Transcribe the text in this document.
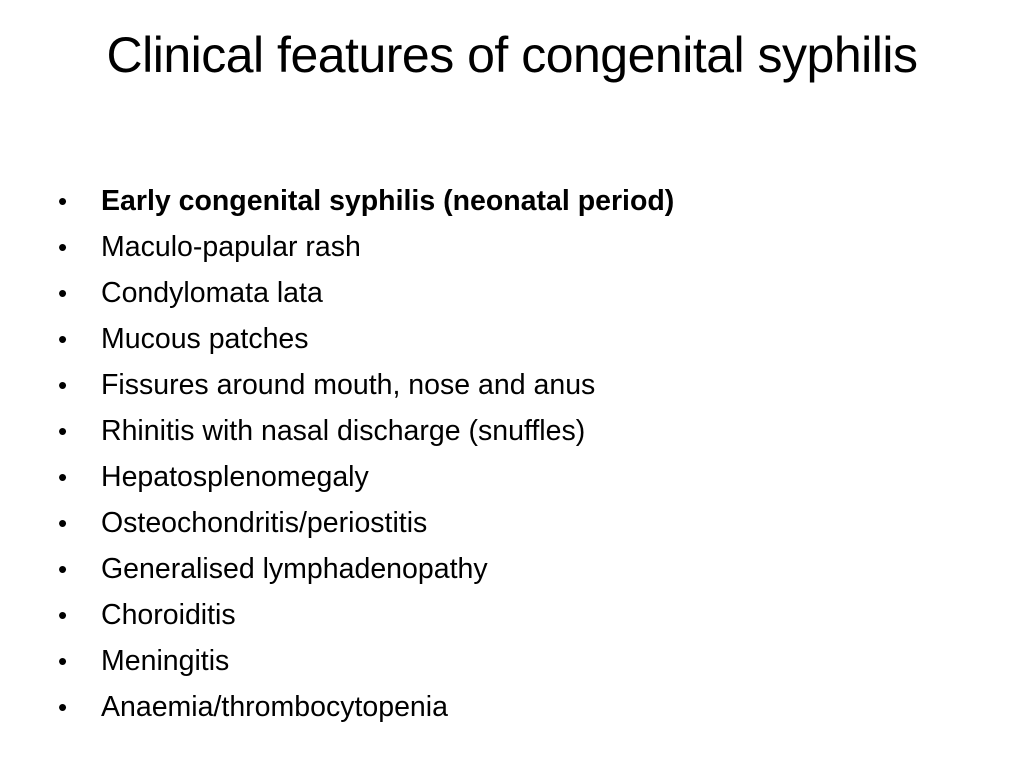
Clinical features of congenital syphilis
•	Early congenital syphilis (neonatal period)
•	Maculo-papular rash
•	Condylomata lata
•	Mucous patches
•	Fissures around mouth, nose and anus
•	Rhinitis with nasal discharge (snuffles)
•	Hepatosplenomegaly
•	Osteochondritis/periostitis
•	Generalised lymphadenopathy
•	Choroiditis
•	Meningitis
•	Anaemia/thrombocytopenia
